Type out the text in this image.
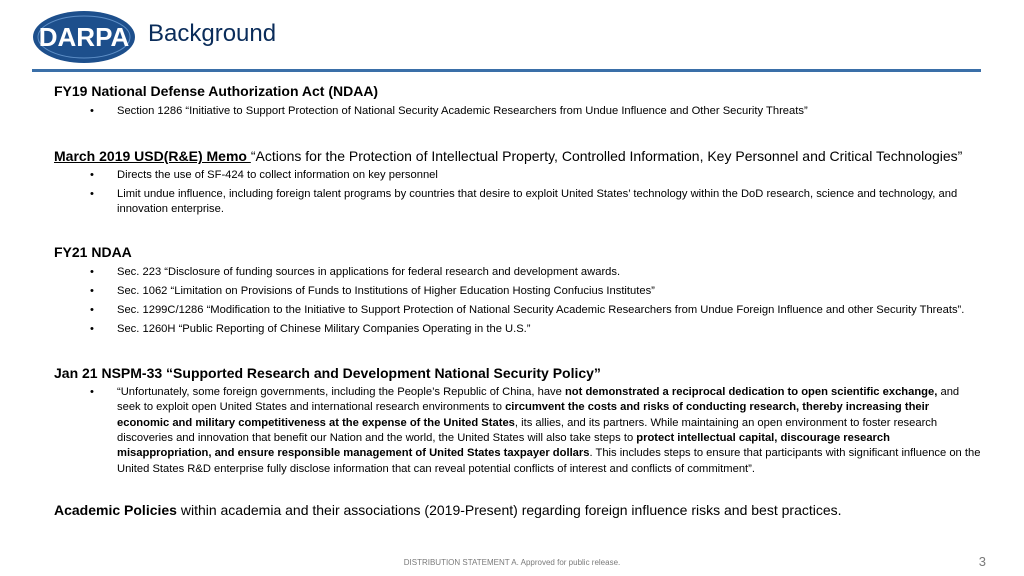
DARPA Background

FY19 National Defense Authorization Act (NDAA)

• Section 1286 “Initiative to Support Protection of National Security Academic Researchers from Undue Influence and Other Security Threats”

March 2019 USD(R&E) Memo “Actions for the Protection of Intellectual Property, Controlled Information, Key Personnel and Critical Technologies”

• Directs the use of SF-424 to collect information on key personnel

• Limit undue influence, including foreign talent programs by countries that desire to exploit United States’ technology within the DoD research, science and technology, and innovation enterprise.

FY21 NDAA

• Sec. 223 “Disclosure of funding sources in applications for federal research and development awards.

• Sec. 1062 “Limitation on Provisions of Funds to Institutions of Higher Education Hosting Confucius Institutes”

• Sec. 1299C/1286 “Modification to the Initiative to Support Protection of National Security Academic Researchers from Undue Foreign Influence and other Security Threats”.

• Sec. 1260H “Public Reporting of Chinese Military Companies Operating in the U.S.”

Jan 21 NSPM-33 “Supported Research and Development National Security Policy”

• “Unfortunately, some foreign governments, including the People’s Republic of China, have not demonstrated a reciprocal dedication to open scientific exchange, and seek to exploit open United States and international research environments to circumvent the costs and risks of conducting research, thereby increasing their economic and military competitiveness at the expense of the United States, its allies, and its partners. While maintaining an open environment to foster research discoveries and innovation that benefit our Nation and the world, the United States will also take steps to protect intellectual capital, discourage research misappropriation, and ensure responsible management of United States taxpayer dollars. This includes steps to ensure that participants with significant influence on the United States R&D enterprise fully disclose information that can reveal potential conflicts of interest and conflicts of commitment”.

Academic Policies within academia and their associations (2019-Present) regarding foreign influence risks and best practices.

DISTRIBUTION STATEMENT A. Approved for public release.	3
